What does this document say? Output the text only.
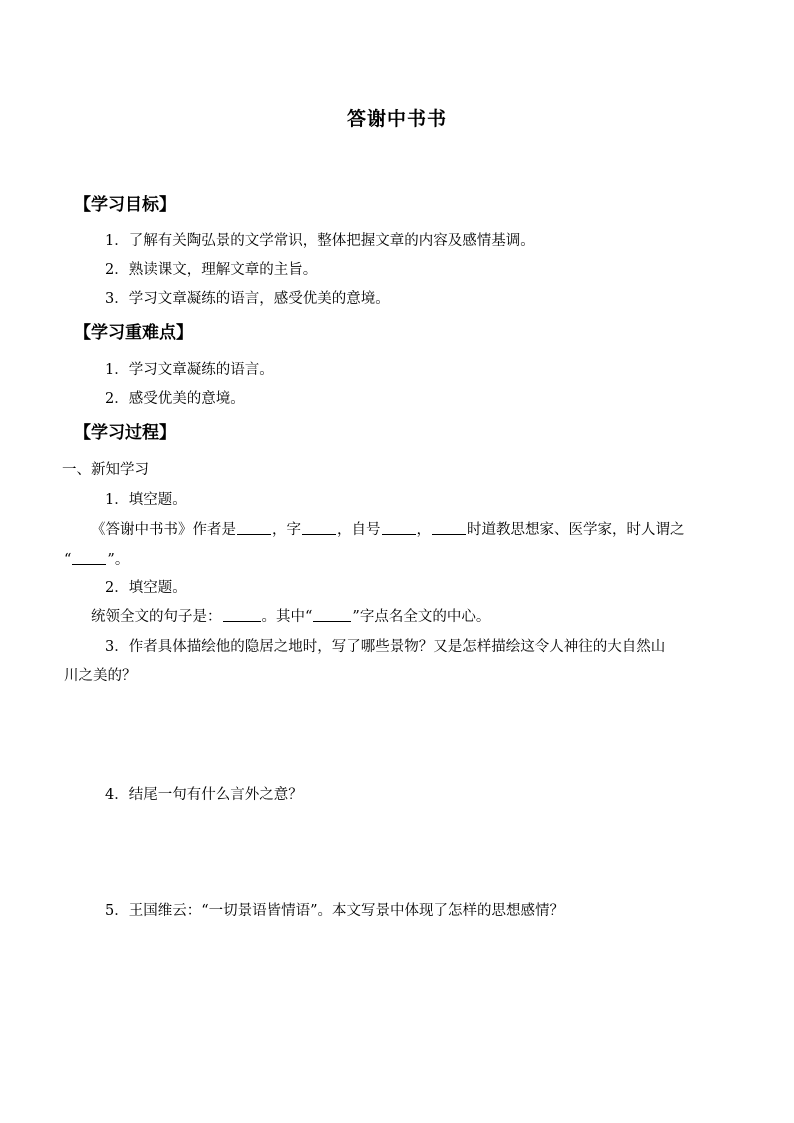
答谢中书书
【学习目标】
1．了解有关陶弘景的文学常识，整体把握文章的内容及感情基调。
2．熟读课文，理解文章的主旨。
3．学习文章凝练的语言，感受优美的意境。
【学习重难点】
1．学习文章凝练的语言。
2．感受优美的意境。
【学习过程】
一、新知学习
1．填空题。
《答谢中书书》作者是 ，字 ，自号 ， 时道教思想家、医学家，时人谓之
“ ”。
2．填空题。
统领全文的句子是：	。其中“	”字点名全文的中心。
3．作者具体描绘他的隐居之地时，写了哪些景物？又是怎样描绘这令人神往的大自然山
川之美的？
4．结尾一句有什么言外之意？
5．王国维云：“一切景语皆情语”。本文写景中体现了怎样的思想感情？
